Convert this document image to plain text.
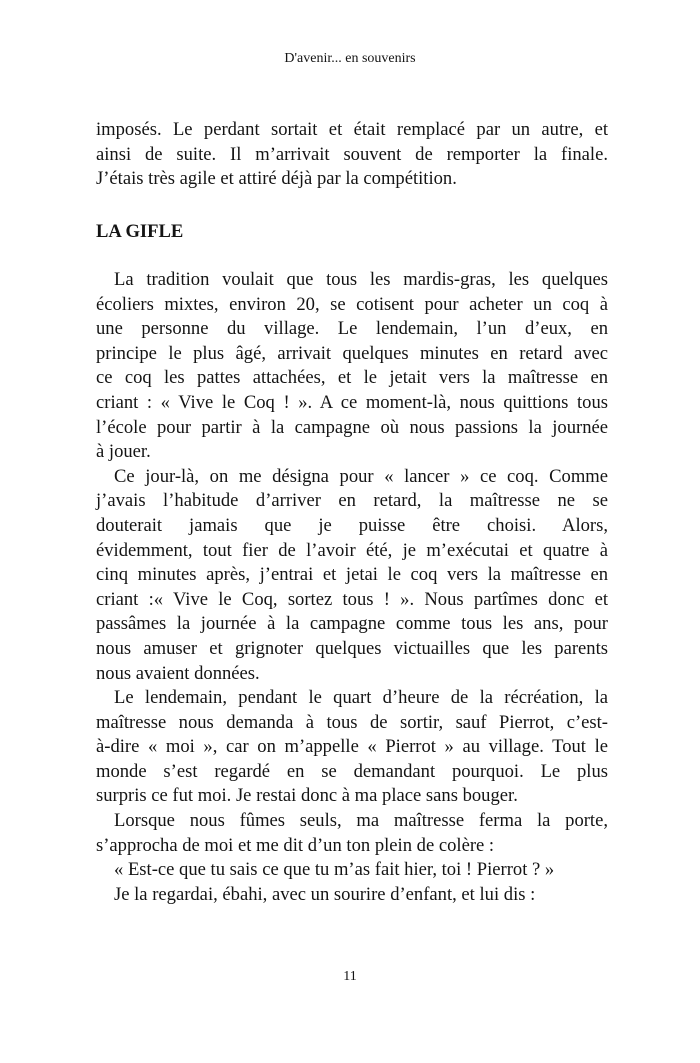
D'avenir... en souvenirs
imposés. Le perdant sortait et était remplacé par un autre, et
ainsi de suite. Il m’arrivait souvent de remporter la finale.
J’étais très agile et attiré déjà par la compétition.
LA GIFLE
La tradition voulait que tous les mardis-gras, les quelques
écoliers mixtes, environ 20, se cotisent pour acheter un coq à
une personne du village. Le lendemain, l’un d’eux, en
principe le plus âgé, arrivait quelques minutes en retard avec
ce coq les pattes attachées, et le jetait vers la maîtresse en
criant : « Vive le Coq ! ». A ce moment-là, nous quittions tous
l’école pour partir à la campagne où nous passions la journée
à jouer.
Ce jour-là, on me désigna pour « lancer » ce coq. Comme
j’avais l’habitude d’arriver en retard, la maîtresse ne se
douterait jamais que je puisse être choisi. Alors,
évidemment, tout fier de l’avoir été, je m’exécutai et quatre à
cinq minutes après, j’entrai et jetai le coq vers la maîtresse en
criant :« Vive le Coq, sortez tous ! ». Nous partîmes donc et
passâmes la journée à la campagne comme tous les ans, pour
nous amuser et grignoter quelques victuailles que les parents
nous avaient données.
Le lendemain, pendant le quart d’heure de la récréation, la
maîtresse nous demanda à tous de sortir, sauf Pierrot, c’est-
à-dire « moi », car on m’appelle « Pierrot » au village. Tout le
monde s’est regardé en se demandant pourquoi. Le plus
surpris ce fut moi. Je restai donc à ma place sans bouger.
Lorsque nous fûmes seuls, ma maîtresse ferma la porte,
s’approcha de moi et me dit d’un ton plein de colère :
« Est-ce que tu sais ce que tu m’as fait hier, toi ! Pierrot ? »
Je la regardai, ébahi, avec un sourire d’enfant, et lui dis :
11
